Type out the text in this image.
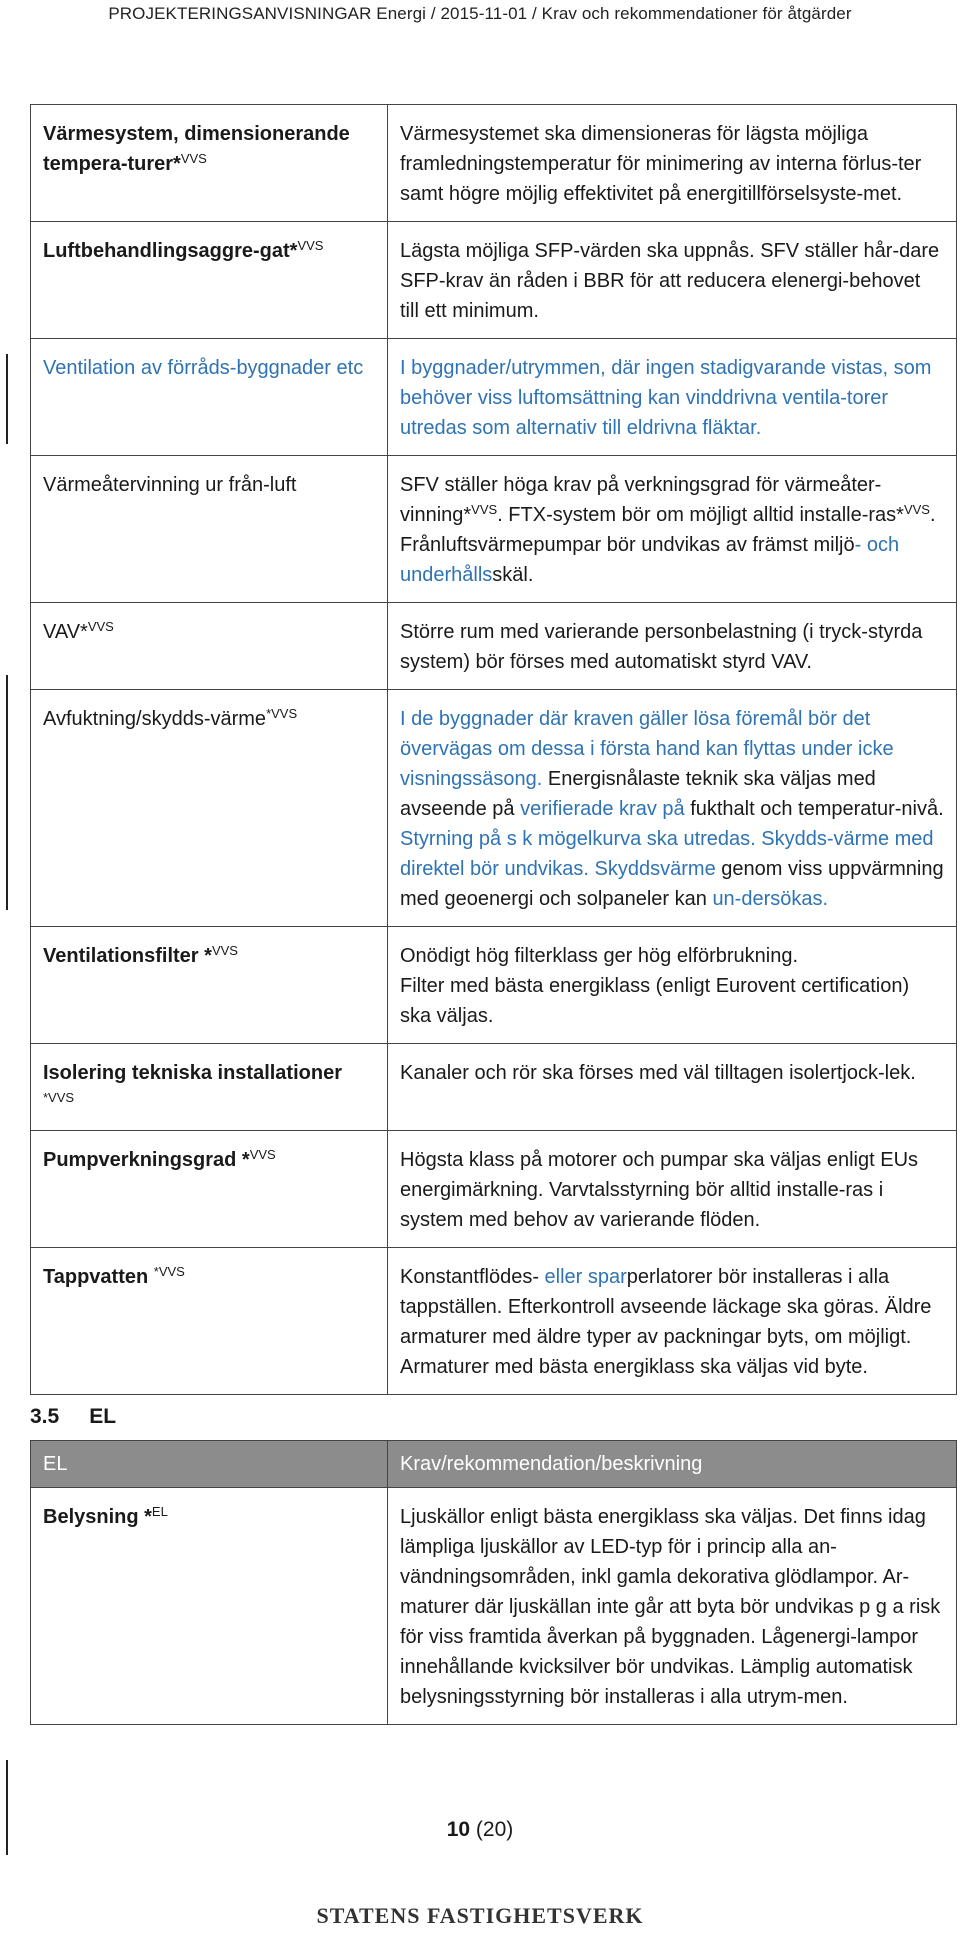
PROJEKTERINGSANVISNINGAR Energi / 2015-11-01 / Krav och rekommendationer för åtgärder
Värmesystem, dimensionerande tempera-turer*$^{VVS}$	Värmesystemet ska dimensioneras för lägsta möjliga framledningstemperatur för minimering av interna förlus-ter samt högre möjlig effektivitet på energitillförselsyste-met.
Luftbehandlingsaggre-gat*$^{VVS}$	Lägsta möjliga SFP-värden ska uppnås. SFV ställer hår-dare SFP-krav än råden i BBR för att reducera elenergi-behovet till ett minimum.
Ventilation av förråds-byggnader etc	I byggnader/utrymmen, där ingen stadigvarande vistas, som behöver viss luftomsättning kan vinddrivna ventila-torer utredas som alternativ till eldrivna fläktar.
Värmeåtervinning ur från-luft	SFV ställer höga krav på verkningsgrad för värmeåter-vinning*$^{VVS}$. FTX-system bör om möjligt alltid installe-ras*$^{VVS}$. Frånluftsvärmepumpar bör undvikas av främst miljö- och underhållsskäl.
VAV*$^{VVS}$	Större rum med varierande personbelastning (i tryck-styrda system) bör förses med automatiskt styrd VAV.
Avfuktning/skydds-värme$^{*VVS}$	I de byggnader där kraven gäller lösa föremål bör det övervägas om dessa i första hand kan flyttas under icke visningssäsong. Energisnålaste teknik ska väljas med avseende på verifierade krav på fukthalt och temperatur-nivå. Styrning på s k mögelkurva ska utredas. Skydds-värme med direktel bör undvikas. Skyddsvärme genom viss uppvärmning med geoenergi och solpaneler kan un-dersökas.
Ventilationsfilter *$^{VVS}$	Onödigt hög filterklass ger hög elförbrukning.
Filter med bästa energiklass (enligt Eurovent certification) ska väljas.
Isolering tekniska installationer $^{*VVS}$	Kanaler och rör ska förses med väl tilltagen isolertjock-lek.
Pumpverkningsgrad *$^{VVS}$	Högsta klass på motorer och pumpar ska väljas enligt EUs energimärkning. Varvtalsstyrning bör alltid installe-ras i system med behov av varierande flöden.
Tappvatten $^{*VVS}$	Konstantflödes- eller sparperlatorer bör installeras i alla tappställen. Efterkontroll avseende läckage ska göras. Äldre armaturer med äldre typer av packningar byts, om möjligt. Armaturer med bästa energiklass ska väljas vid byte.
3.5 EL
EL	Krav/rekommendation/beskrivning
Belysning *$^{EL}$	Ljuskällor enligt bästa energiklass ska väljas. Det finns idag lämpliga ljuskällor av LED-typ för i princip alla an-vändningsområden, inkl gamla dekorativa glödlampor. Ar-maturer där ljuskällan inte går att byta bör undvikas p g a risk för viss framtida åverkan på byggnaden. Lågenergi-lampor innehållande kvicksilver bör undvikas. Lämplig automatisk belysningsstyrning bör installeras i alla utrym-men.
10 (20)
STATENS FASTIGHETSVERK
